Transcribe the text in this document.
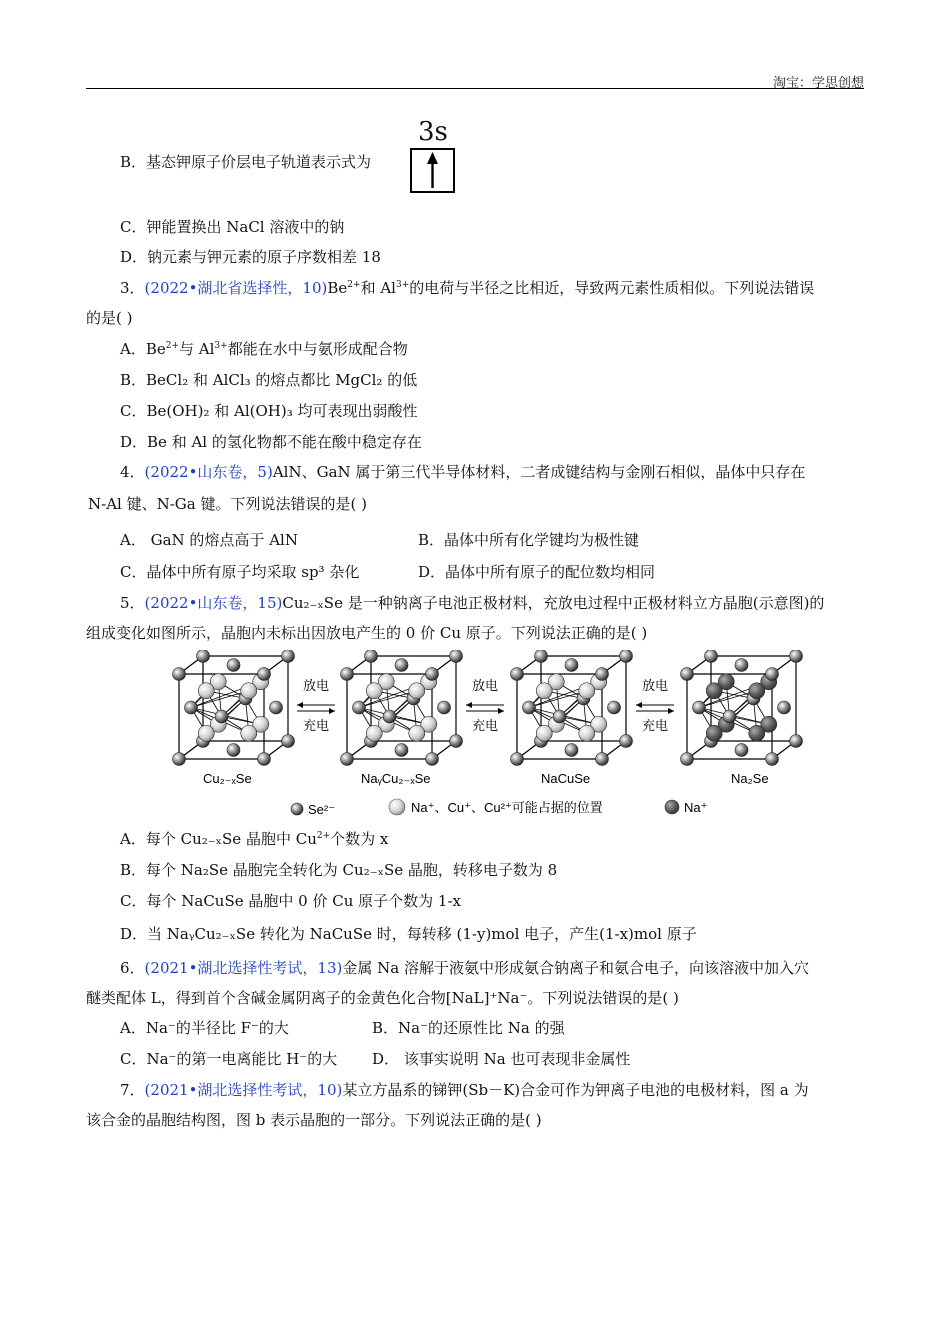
淘宝：学思创想
B．基态钾原子价层电子轨道表示式为
3s
C．钾能置换出 NaCl 溶液中的钠
D．钠元素与钾元素的原子序数相差 18
3．(2022•湖北省选择性，$10)Be^{2+}$和 $Al^{3+}$的电荷与半径之比相近，导致两元素性质相似。下列说法错误
的是( )
A．$Be^{2+}$与 $Al^{3+}$都能在水中与氨形成配合物
B．BeCl₂ 和 AlCl₃ 的熔点都比 MgCl₂ 的低
C．Be(OH)₂ 和 Al(OH)₃ 均可表现出弱酸性
D．Be 和 Al 的氢化物都不能在酸中稳定存在
4．(2022•山东卷，5)AlN、GaN 属于第三代半导体材料，二者成键结构与金刚石相似，晶体中只存在
N-Al 键、N-Ga 键。下列说法错误的是( )
A． GaN 的熔点高于 AlN	B．晶体中所有化学键均为极性键
C．晶体中所有原子均采取 sp³ 杂化	D．晶体中所有原子的配位数均相同
5．(2022•山东卷，15)Cu₂₋ₓSe 是一种钠离子电池正极材料，充放电过程中正极材料立方晶胞(示意图)的
组成变化如图所示，晶胞内未标出因放电产生的 0 价 Cu 原子。下列说法正确的是( )
放电
充电
放电
充电
放电
充电
Cu₂₋ₓSe	NaᵧCu₂₋ₓSe	NaCuSe	Na₂Se
Se²⁻	Na⁺、Cu⁺、Cu²⁺可能占据的位置	Na⁺
A．每个 Cu₂₋ₓSe 晶胞中 $Cu^{2+}$个数为 x
B．每个 Na₂Se 晶胞完全转化为 Cu₂₋ₓSe 晶胞，转移电子数为 8
C．每个 NaCuSe 晶胞中 0 价 Cu 原子个数为 1-x
D．当 NaᵧCu₂₋ₓSe 转化为 NaCuSe 时，每转移 (1-y)mol 电子，产生(1-x)mol 原子
6．(2021•湖北选择性考试，13)金属 Na 溶解于液氨中形成氨合钠离子和氨合电子，向该溶液中加入穴
醚类配体 L，得到首个含碱金属阴离子的金黄色化合物[NaL]⁺Na⁻。下列说法错误的是( )
A．Na⁻的半径比 F⁻的大	B．Na⁻的还原性比 Na 的强
C．Na⁻的第一电离能比 H⁻的大 D． 该事实说明 Na 也可表现非金属性
7．(2021•湖北选择性考试，10)某立方晶系的锑钾(Sb－K)合金可作为钾离子电池的电极材料，图 a 为
该合金的晶胞结构图，图 b 表示晶胞的一部分。下列说法正确的是( )
